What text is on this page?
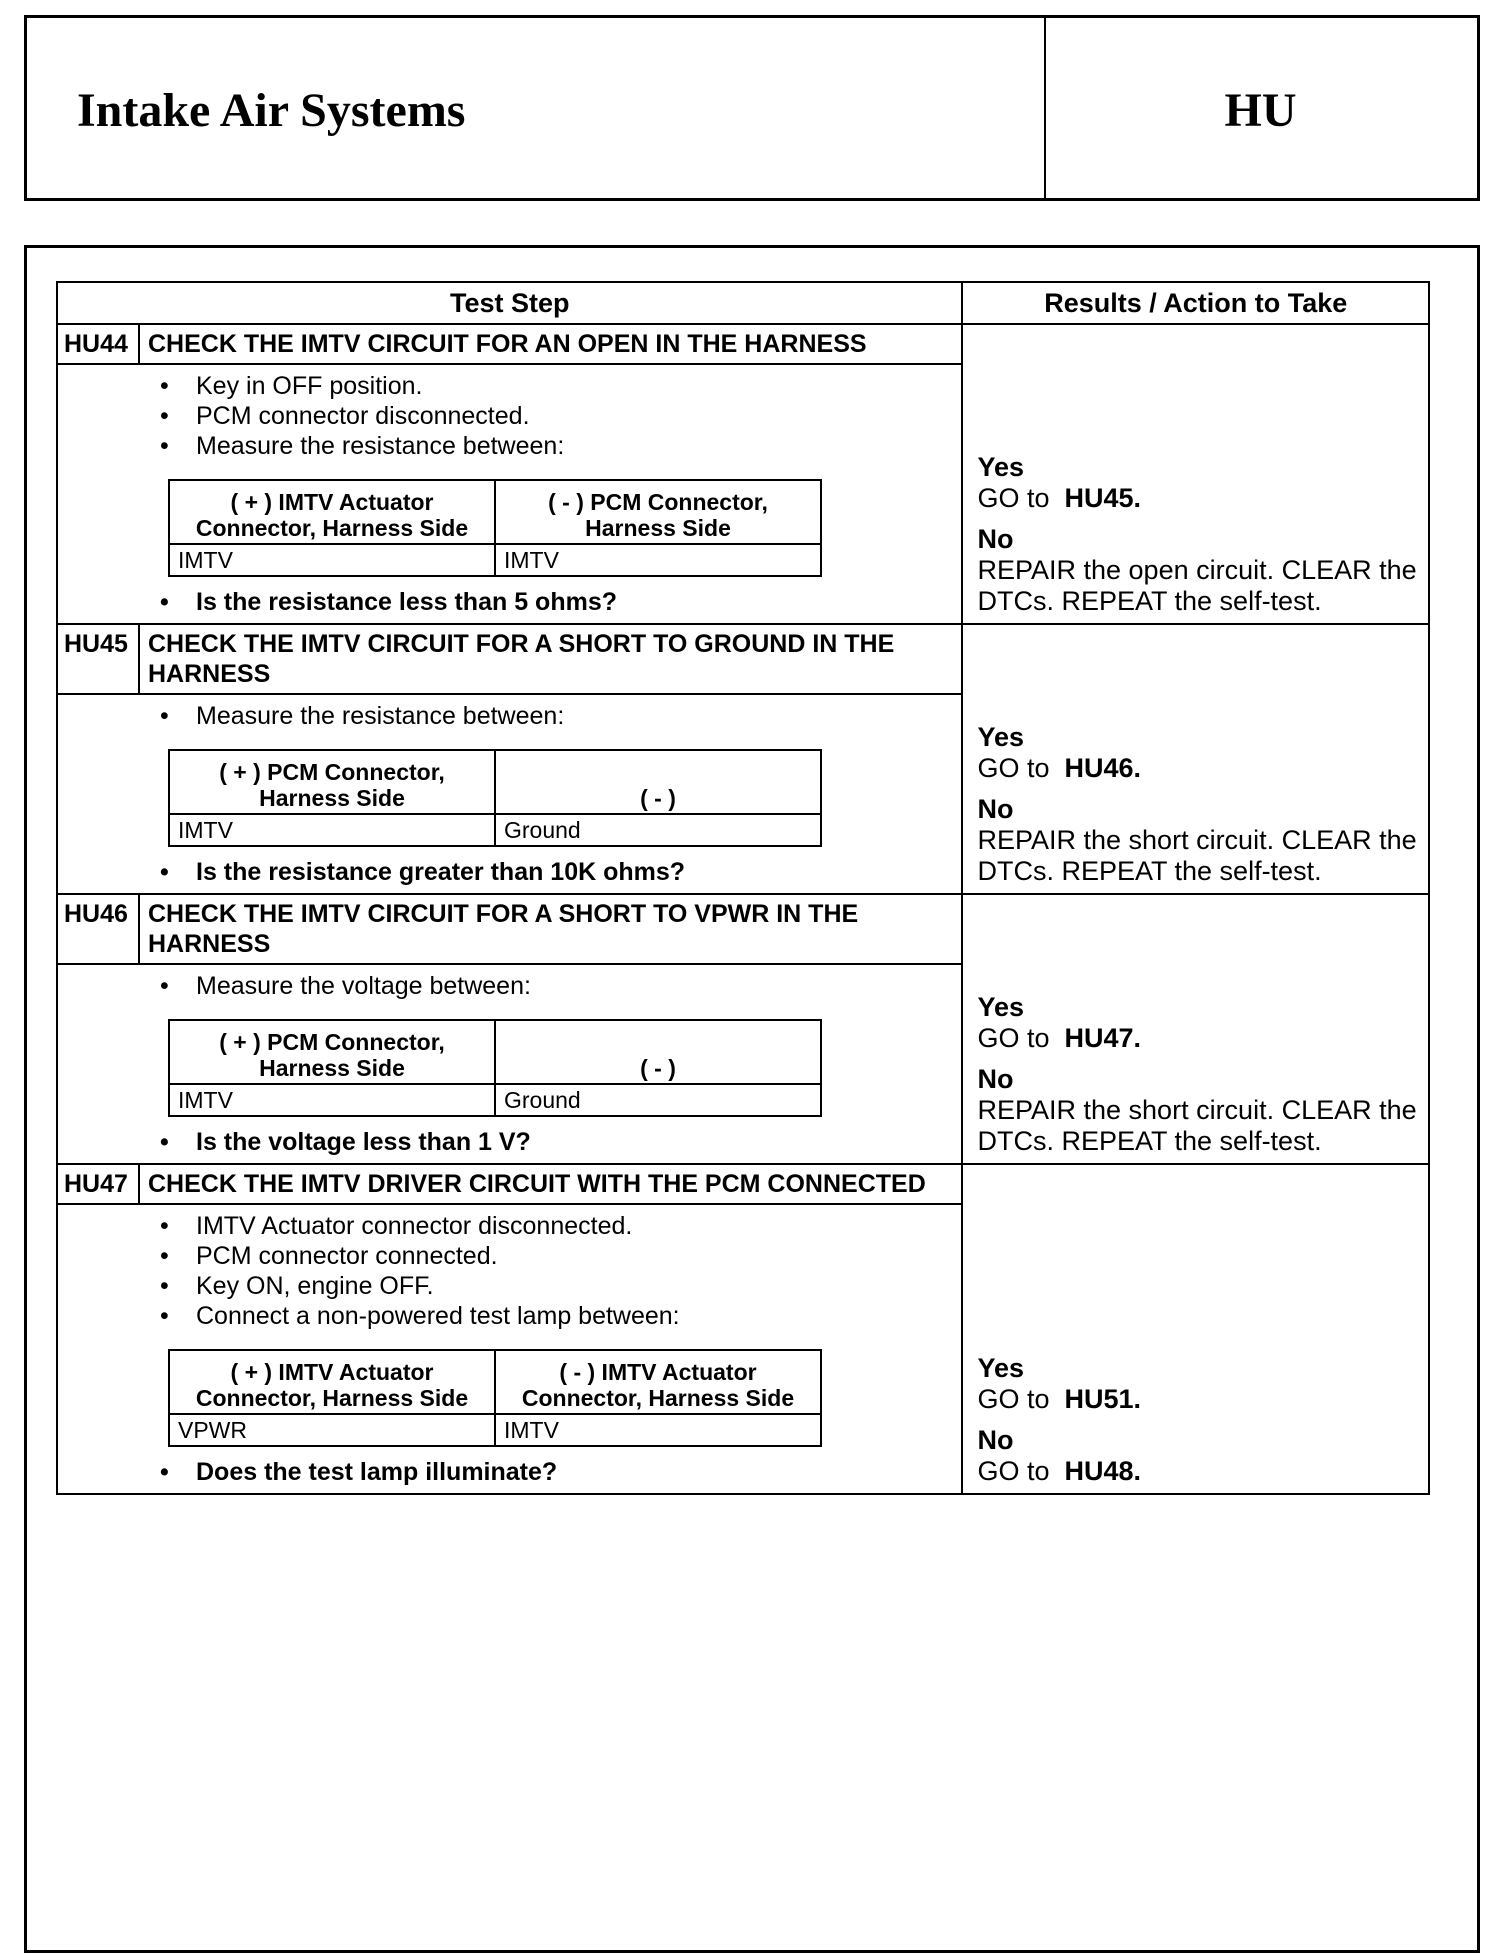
Intake Air Systems	HU
Test Step	Results / Action to Take

HU44 CHECK THE IMTV CIRCUIT FOR AN OPEN IN THE HARNESS
• Key in OFF position.
• PCM connector disconnected.
• Measure the resistance between:
( + ) IMTV Actuator Connector, Harness Side	( - ) PCM Connector, Harness Side
IMTV	IMTV
• Is the resistance less than 5 ohms?

Yes
GO to HU45.
No
REPAIR the open circuit. CLEAR the DTCs. REPEAT the self-test.

HU45 CHECK THE IMTV CIRCUIT FOR A SHORT TO GROUND IN THE HARNESS
• Measure the resistance between:
( + ) PCM Connector, Harness Side	( - )
IMTV	Ground
• Is the resistance greater than 10K ohms?

Yes
GO to HU46.
No
REPAIR the short circuit. CLEAR the DTCs. REPEAT the self-test.

HU46 CHECK THE IMTV CIRCUIT FOR A SHORT TO VPWR IN THE HARNESS
• Measure the voltage between:
( + ) PCM Connector, Harness Side	( - )
IMTV	Ground
• Is the voltage less than 1 V?

Yes
GO to HU47.
No
REPAIR the short circuit. CLEAR the DTCs. REPEAT the self-test.

HU47 CHECK THE IMTV DRIVER CIRCUIT WITH THE PCM CONNECTED
• IMTV Actuator connector disconnected.
• PCM connector connected.
• Key ON, engine OFF.
• Connect a non-powered test lamp between:
( + ) IMTV Actuator Connector, Harness Side	( - ) IMTV Actuator Connector, Harness Side
VPWR	IMTV
• Does the test lamp illuminate?

Yes
GO to HU51.
No
GO to HU48.
